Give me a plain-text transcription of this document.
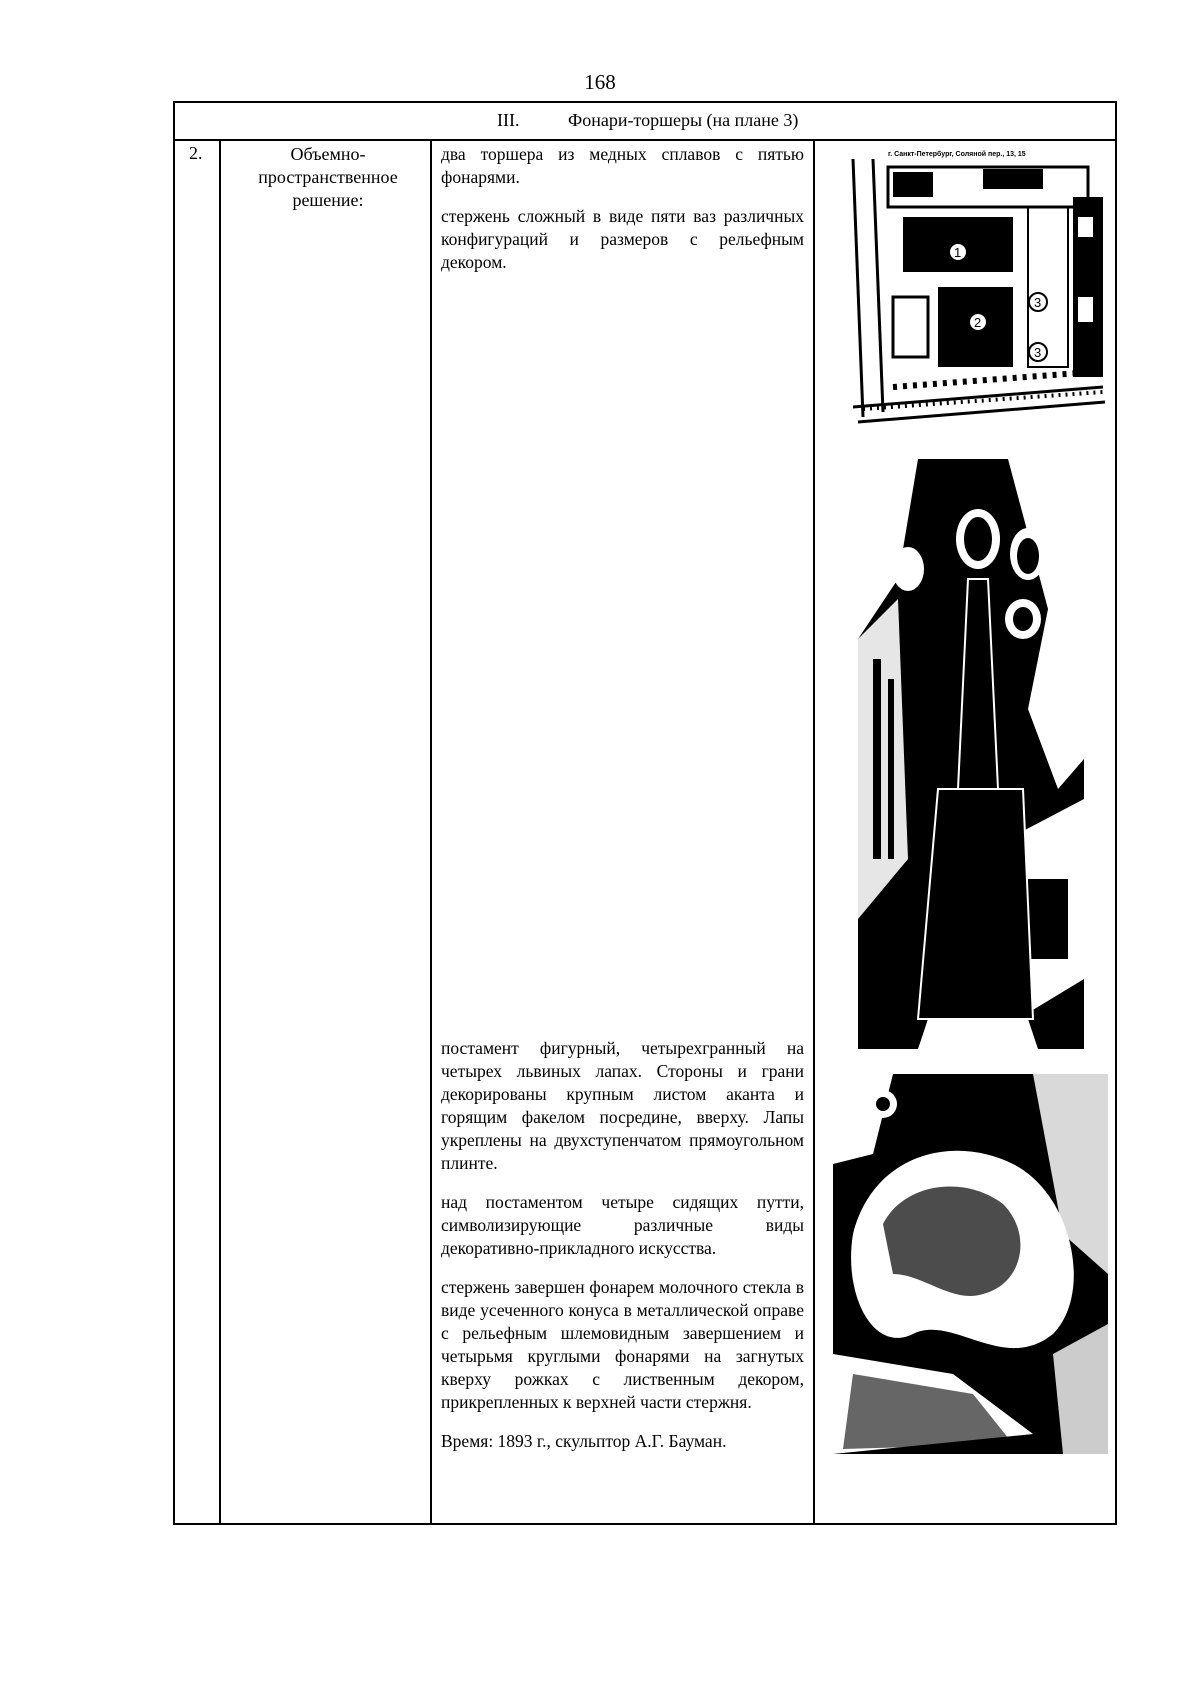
168
III.	Фонари-торшеры (на плане 3)
2.	Объемно-
пространственное
решение:

два торшера из медных сплавов с пятью фонарями.

стержень сложный в виде пяти ваз различных конфигураций и размеров с рельефным декором.

постамент фигурный, четырехгранный на четырех львиных лапах. Стороны и грани декорированы крупным листом аканта и горящим факелом посредине, вверху. Лапы укреплены на двухступенчатом прямоугольном плинте.

над постаментом четыре сидящих путти, символизирующие различные виды декоративно-прикладного искусства.

стержень завершен фонарем молочного стекла в виде усеченного конуса в металлической оправе с рельефным шлемовидным завершением и четырьмя круглыми фонарями на загнутых кверху рожках с лиственным декором, прикрепленных к верхней части стержня.

Время: 1893 г., скульптор А.Г. Бауман.

г. Санкт-Петербург, Соляной пер., 13, 15
1
2
3
3
